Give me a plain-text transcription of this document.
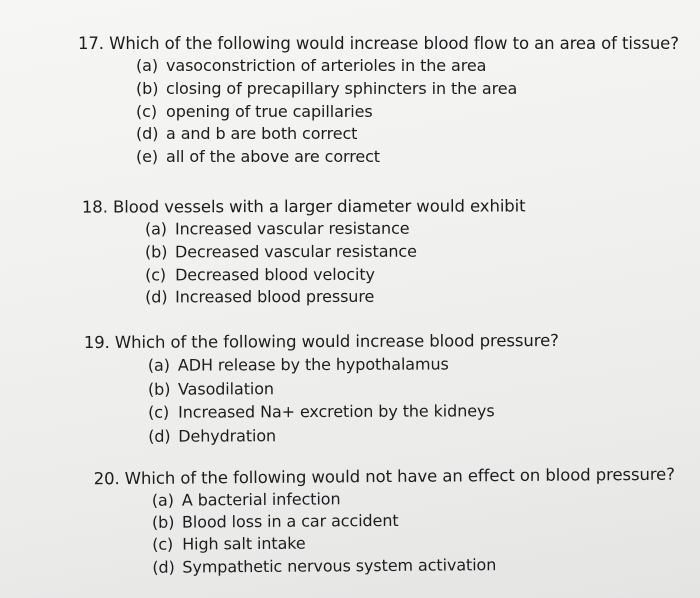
17. Which of the following would increase blood flow to an area of tissue?
(a) vasoconstriction of arterioles in the area
(b) closing of precapillary sphincters in the area
(c) opening of true capillaries
(d) a and b are both correct
(e) all of the above are correct
18. Blood vessels with a larger diameter would exhibit
(a) Increased vascular resistance
(b) Decreased vascular resistance
(c) Decreased blood velocity
(d) Increased blood pressure
19. Which of the following would increase blood pressure?
(a) ADH release by the hypothalamus
(b) Vasodilation
(c) Increased Na+ excretion by the kidneys
(d) Dehydration
20. Which of the following would not have an effect on blood pressure?
(a) A bacterial infection
(b) Blood loss in a car accident
(c) High salt intake
(d) Sympathetic nervous system activation
